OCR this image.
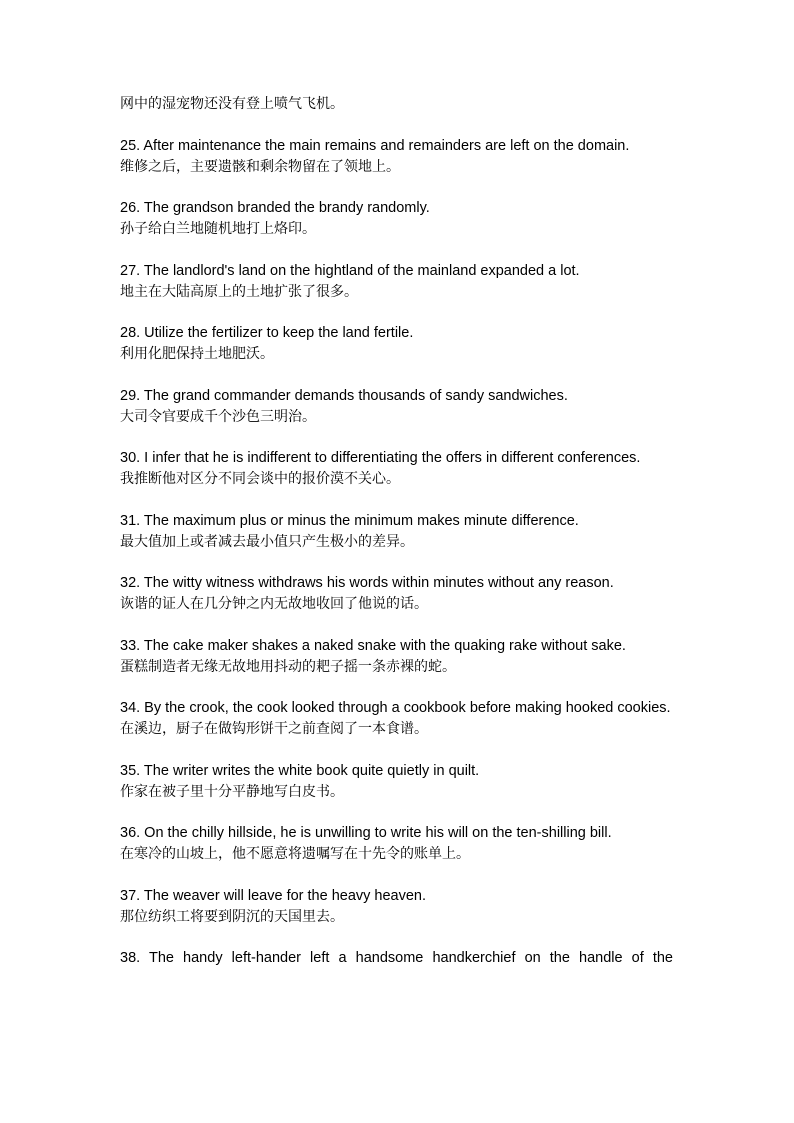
网中的湿宠物还没有登上喷气飞机。

25. After maintenance the main remains and remainders are left on the domain.

维修之后，主要遗骸和剩余物留在了领地上。

26. The grandson branded the brandy randomly.

孙子给白兰地随机地打上烙印。

27. The landlord's land on the hightland of the mainland expanded a lot.

地主在大陆高原上的土地扩张了很多。

28. Utilize the fertilizer to keep the land fertile.

利用化肥保持土地肥沃。

29. The grand commander demands thousands of sandy sandwiches.

大司令官要成千个沙色三明治。

30. I infer that he is indifferent to differentiating the offers in different conferences.

我推断他对区分不同会谈中的报价漠不关心。

31. The maximum plus or minus the minimum makes minute difference.

最大值加上或者减去最小值只产生极小的差异。

32. The witty witness withdraws his words within minutes without any reason.

诙谐的证人在几分钟之内无故地收回了他说的话。

33. The cake maker shakes a naked snake with the quaking rake without sake.

蛋糕制造者无缘无故地用抖动的耙子摇一条赤裸的蛇。

34. By the crook, the cook looked through a cookbook before making hooked cookies.

在溪边，厨子在做钩形饼干之前查阅了一本食谱。

35. The writer writes the white book quite quietly in quilt.

作家在被子里十分平静地写白皮书。

36. On the chilly hillside, he is unwilling to write his will on the ten-shilling bill.

在寒冷的山坡上，他不愿意将遗嘱写在十先令的账单上。

37. The weaver will leave for the heavy heaven.

那位纺织工将要到阴沉的天国里去。

38. The handy left-hander left a handsome handkerchief on the handle of the
